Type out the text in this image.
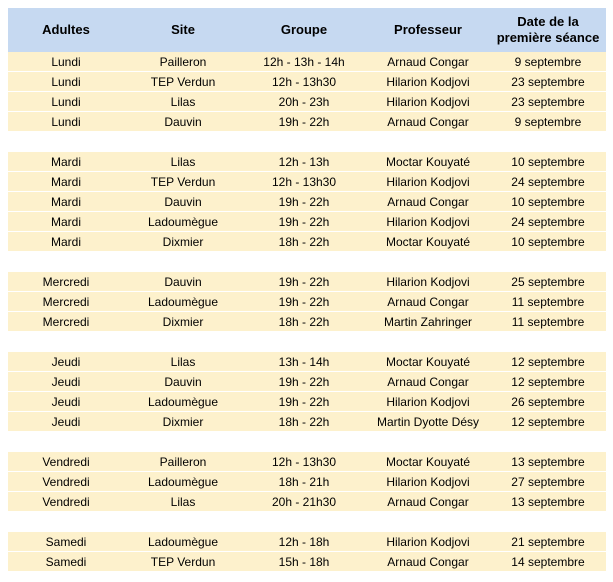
Adultes	Site	Groupe	Professeur	Date de la première séance
Lundi	Pailleron	12h - 13h - 14h	Arnaud Congar	9 septembre
Lundi	TEP Verdun	12h - 13h30	Hilarion Kodjovi	23 septembre
Lundi	Lilas	20h - 23h	Hilarion Kodjovi	23 septembre
Lundi	Dauvin	19h - 22h	Arnaud Congar	9 septembre

Mardi	Lilas	12h - 13h	Moctar Kouyaté	10 septembre
Mardi	TEP Verdun	12h - 13h30	Hilarion Kodjovi	24 septembre
Mardi	Dauvin	19h - 22h	Arnaud Congar	10 septembre
Mardi	Ladoumègue	19h - 22h	Hilarion Kodjovi	24 septembre
Mardi	Dixmier	18h - 22h	Moctar Kouyaté	10 septembre

Mercredi	Dauvin	19h - 22h	Hilarion Kodjovi	25 septembre
Mercredi	Ladoumègue	19h - 22h	Arnaud Congar	11 septembre
Mercredi	Dixmier	18h - 22h	Martin Zahringer	11 septembre

Jeudi	Lilas	13h - 14h	Moctar Kouyaté	12 septembre
Jeudi	Dauvin	19h - 22h	Arnaud Congar	12 septembre
Jeudi	Ladoumègue	19h - 22h	Hilarion Kodjovi	26 septembre
Jeudi	Dixmier	18h - 22h	Martin Dyotte Désy	12 septembre

Vendredi	Pailleron	12h - 13h30	Moctar Kouyaté	13 septembre
Vendredi	Ladoumègue	18h - 21h	Hilarion Kodjovi	27 septembre
Vendredi	Lilas	20h - 21h30	Arnaud Congar	13 septembre

Samedi	Ladoumègue	12h - 18h	Hilarion Kodjovi	21 septembre
Samedi	TEP Verdun	15h - 18h	Arnaud Congar	14 septembre
